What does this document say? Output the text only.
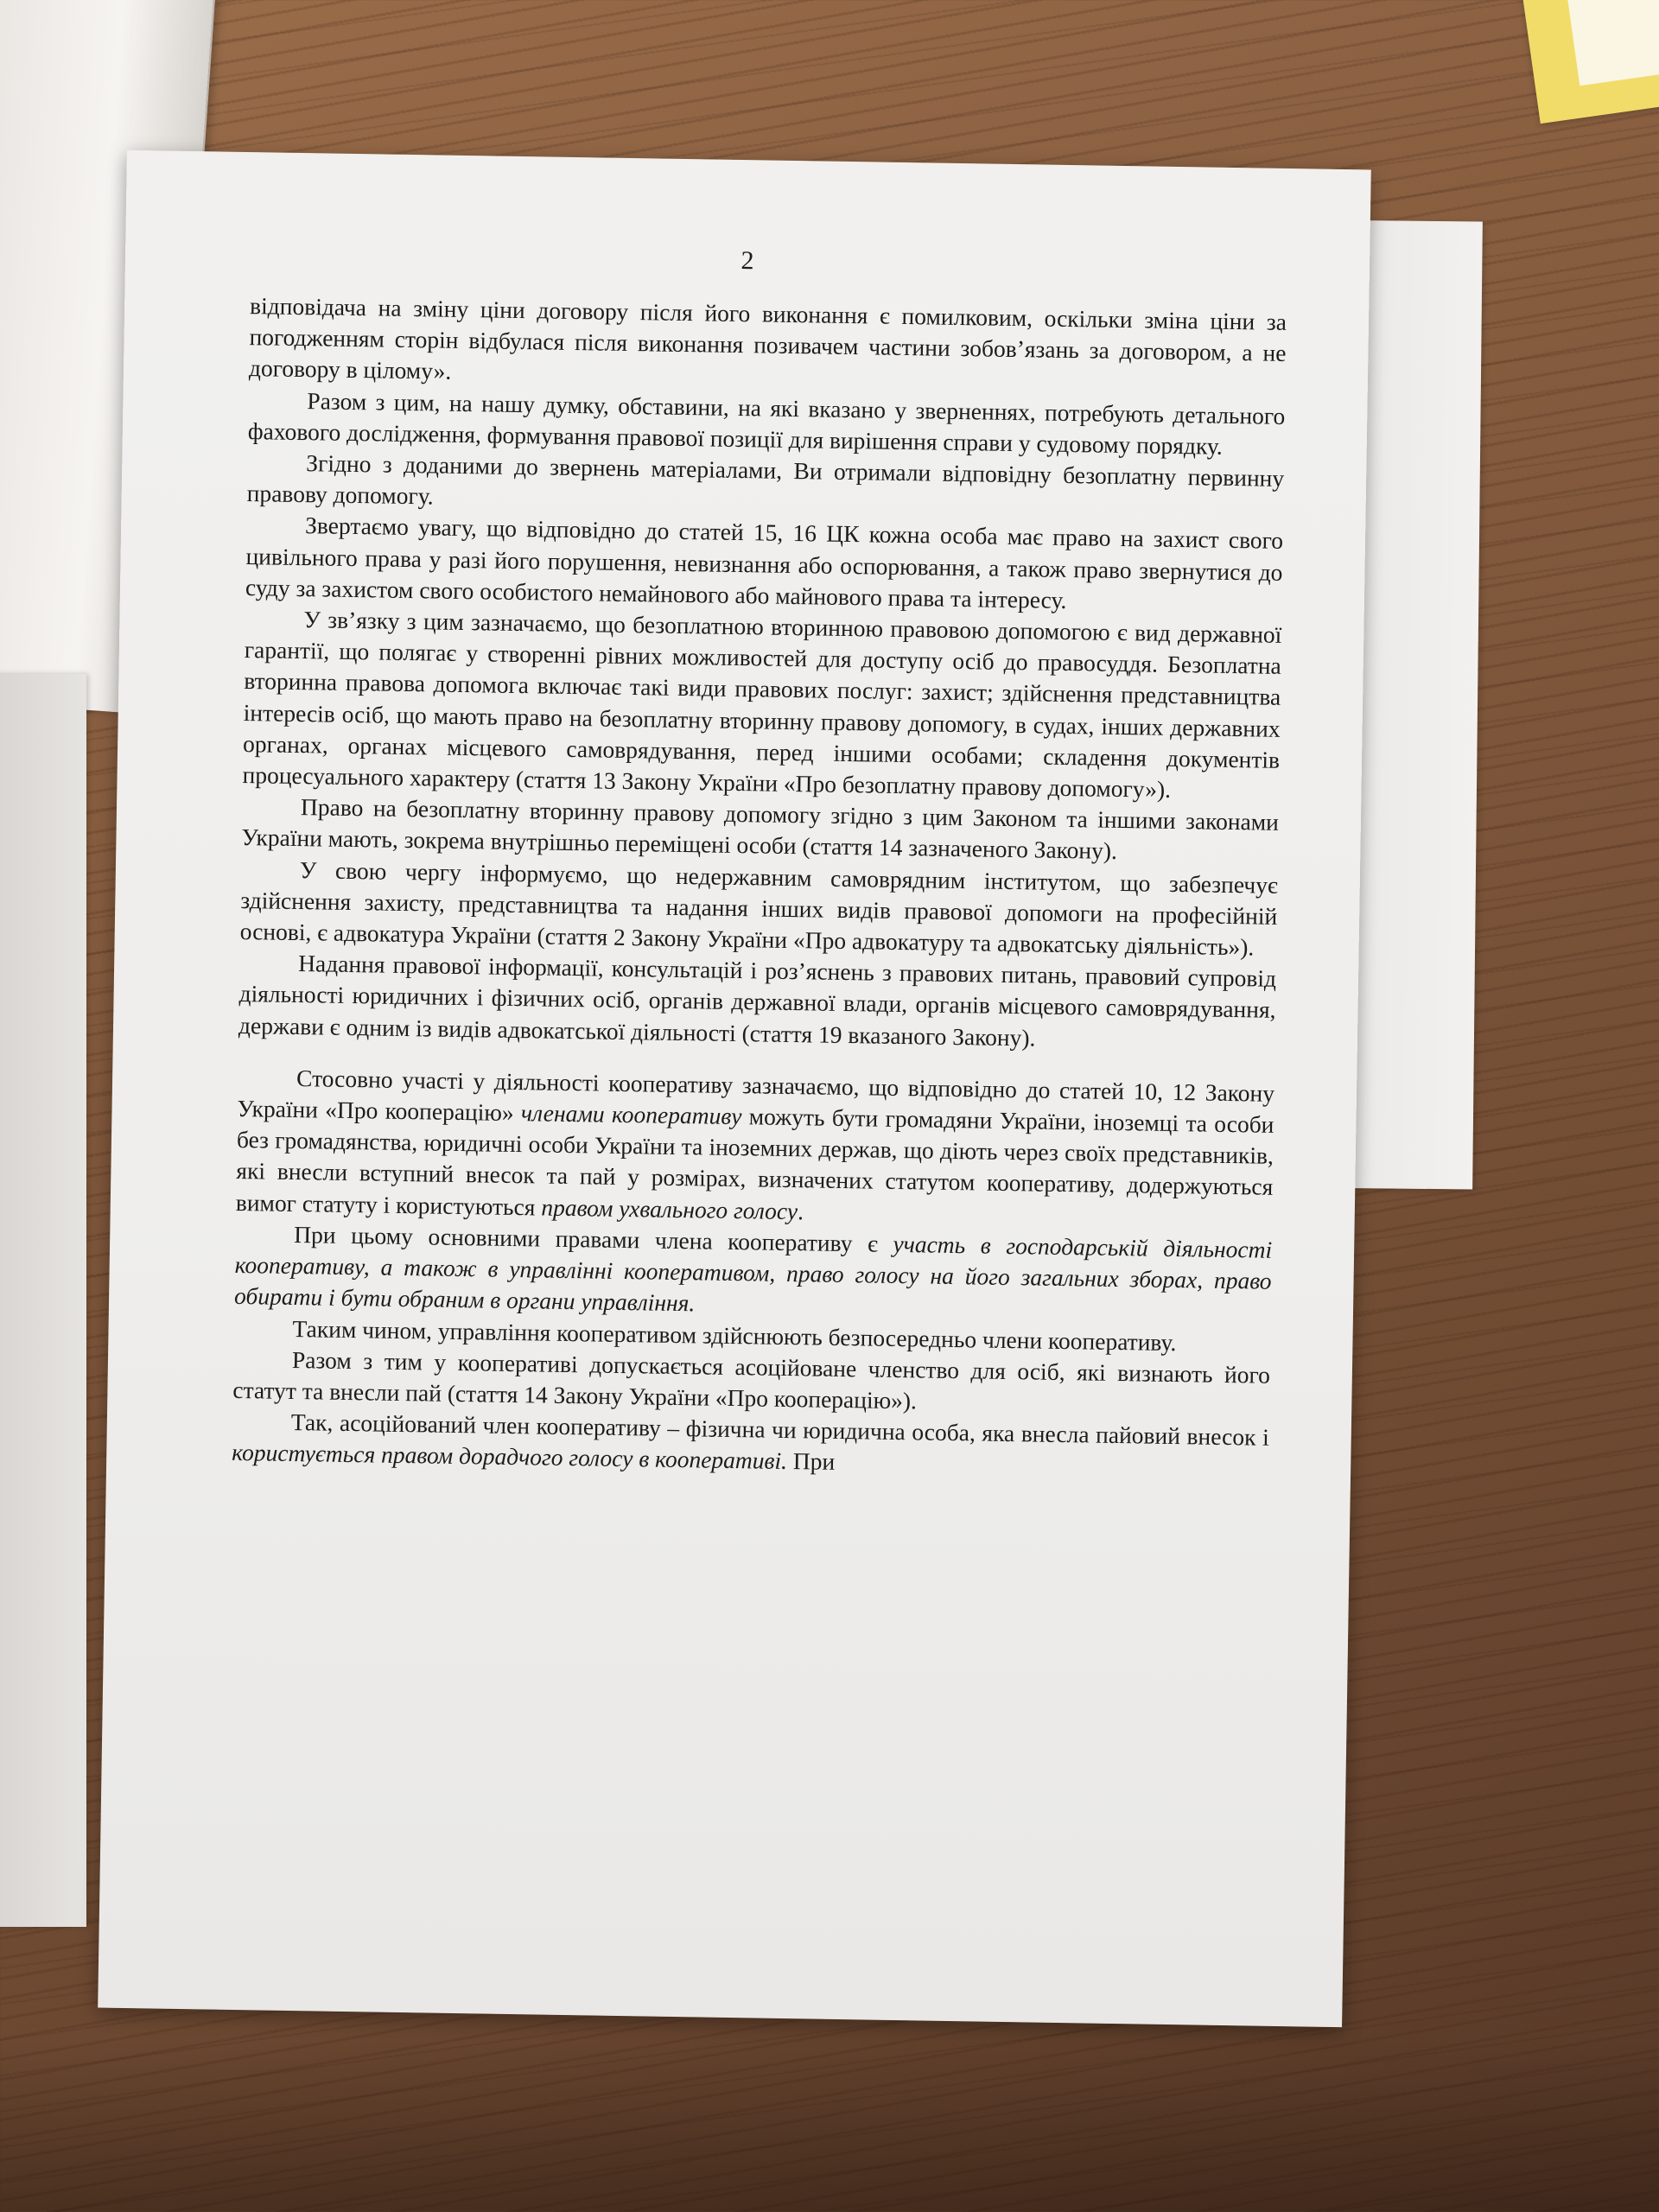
2

відповідача на зміну ціни договору після його виконання є помилковим, оскільки зміна ціни за погодженням сторін відбулася після виконання позивачем частини зобов’язань за договором, а не договору в цілому».

Разом з цим, на нашу думку, обставини, на які вказано у зверненнях, потребують детального фахового дослідження, формування правової позиції для вирішення справи у судовому порядку.

Згідно з доданими до звернень матеріалами, Ви отримали відповідну безоплатну первинну правову допомогу.

Звертаємо увагу, що відповідно до статей 15, 16 ЦК кожна особа має право на захист свого цивільного права у разі його порушення, невизнання або оспорювання, а також право звернутися до суду за захистом свого особистого немайнового або майнового права та інтересу.

У зв’язку з цим зазначаємо, що безоплатною вторинною правовою допомогою є вид державної гарантії, що полягає у створенні рівних можливостей для доступу осіб до правосуддя. Безоплатна вторинна правова допомога включає такі види правових послуг: захист; здійснення представництва інтересів осіб, що мають право на безоплатну вторинну правову допомогу, в судах, інших державних органах, органах місцевого самоврядування, перед іншими особами; складення документів процесуального характеру (стаття 13 Закону України «Про безоплатну правову допомогу»).

Право на безоплатну вторинну правову допомогу згідно з цим Законом та іншими законами України мають, зокрема внутрішньо переміщені особи (стаття 14 зазначеного Закону).

У свою чергу інформуємо, що недержавним самоврядним інститутом, що забезпечує здійснення захисту, представництва та надання інших видів правової допомоги на професійній основі, є адвокатура України (стаття 2 Закону України «Про адвокатуру та адвокатську діяльність»).

Надання правової інформації, консультацій і роз’яснень з правових питань, правовий супровід діяльності юридичних і фізичних осіб, органів державної влади, органів місцевого самоврядування, держави є одним із видів адвокатської діяльності (стаття 19 вказаного Закону).

Стосовно участі у діяльності кооперативу зазначаємо, що відповідно до статей 10, 12 Закону України «Про кооперацію» членами кооперативу можуть бути громадяни України, іноземці та особи без громадянства, юридичні особи України та іноземних держав, що діють через своїх представників, які внесли вступний внесок та пай у розмірах, визначених статутом кооперативу, додержуються вимог статуту і користуються правом ухвального голосу.

При цьому основними правами члена кооперативу є участь в господарській діяльності кооперативу, а також в управлінні кооперативом, право голосу на його загальних зборах, право обирати і бути обраним в органи управління.

Таким чином, управління кооперативом здійснюють безпосередньо члени кооперативу.

Разом з тим у кооперативі допускається асоційоване членство для осіб, які визнають його статут та внесли пай (стаття 14 Закону України «Про кооперацію»).

Так, асоційований член кооперативу – фізична чи юридична особа, яка внесла пайовий внесок і користується правом дорадчого голосу в кооперативі. При
